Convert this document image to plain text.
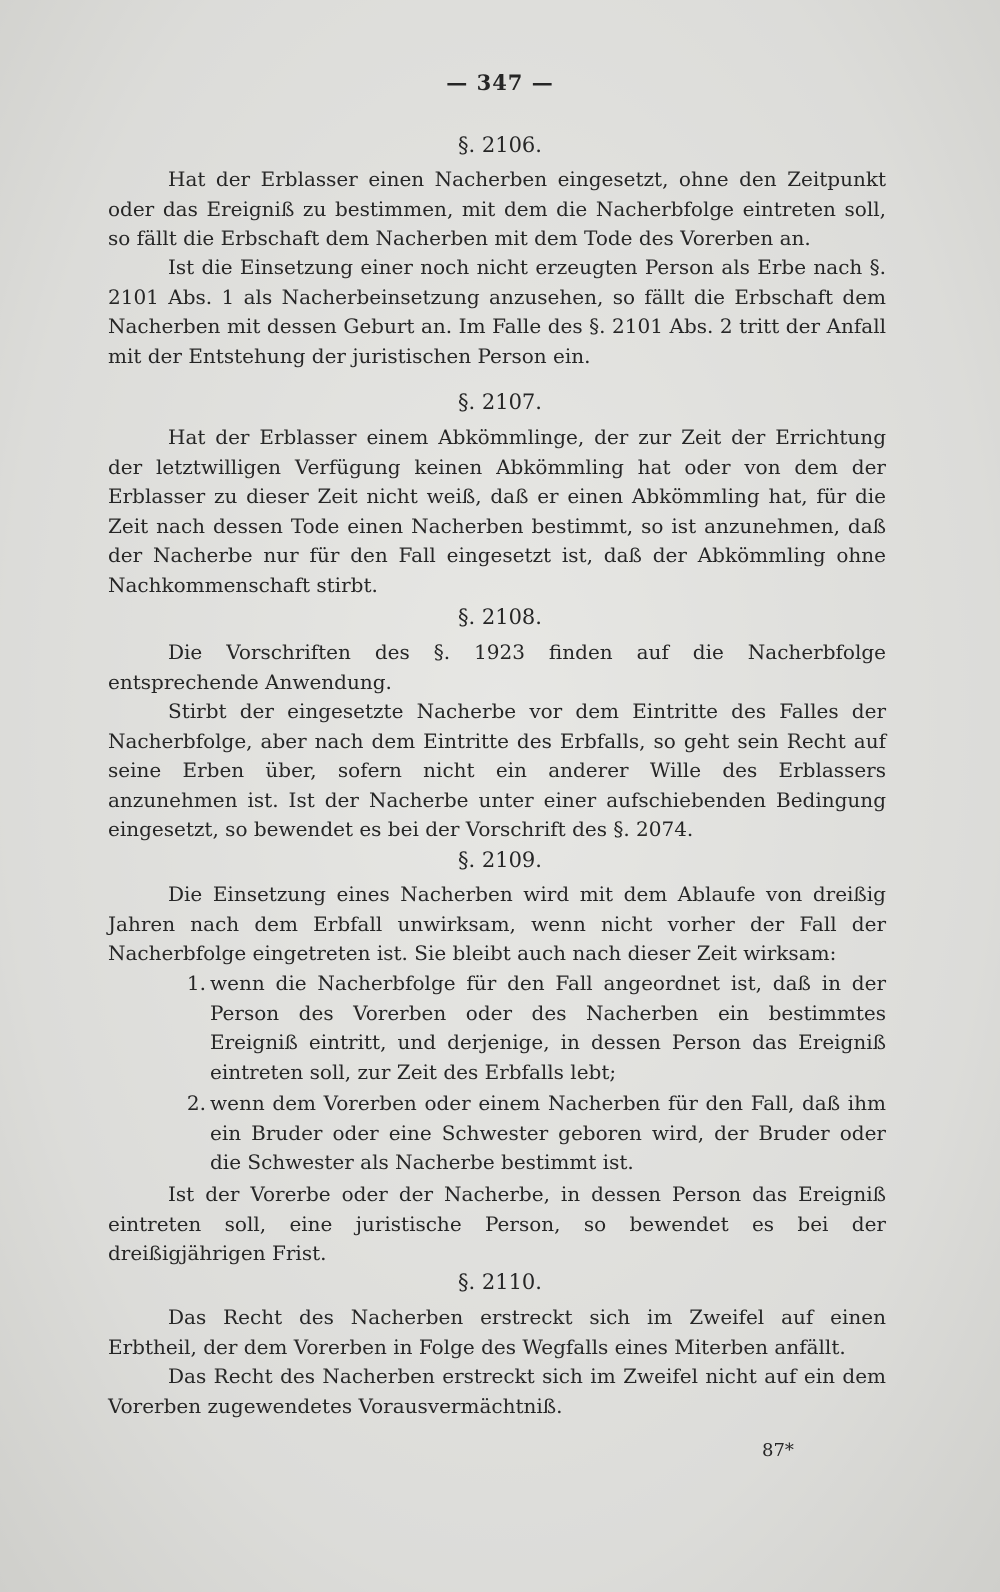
— 347 —
§. 2106.

Hat der Erblasser einen Nacherben eingesetzt, ohne den Zeitpunkt oder das Ereigniß zu bestimmen, mit dem die Nacherbfolge eintreten soll, so fällt die Erbschaft dem Nacherben mit dem Tode des Vorerben an.

Ist die Einsetzung einer noch nicht erzeugten Person als Erbe nach §. 2101 Abs. 1 als Nacherbeinsetzung anzusehen, so fällt die Erbschaft dem Nacherben mit dessen Geburt an. Im Falle des §. 2101 Abs. 2 tritt der Anfall mit der Entstehung der juristischen Person ein.

§. 2107.

Hat der Erblasser einem Abkömmlinge, der zur Zeit der Errichtung der letztwilligen Verfügung keinen Abkömmling hat oder von dem der Erblasser zu dieser Zeit nicht weiß, daß er einen Abkömmling hat, für die Zeit nach dessen Tode einen Nacherben bestimmt, so ist anzunehmen, daß der Nacherbe nur für den Fall eingesetzt ist, daß der Abkömmling ohne Nachkommenschaft stirbt.

§. 2108.

Die Vorschriften des §. 1923 finden auf die Nacherbfolge entsprechende Anwendung.

Stirbt der eingesetzte Nacherbe vor dem Eintritte des Falles der Nacherbfolge, aber nach dem Eintritte des Erbfalls, so geht sein Recht auf seine Erben über, sofern nicht ein anderer Wille des Erblassers anzunehmen ist. Ist der Nacherbe unter einer aufschiebenden Bedingung eingesetzt, so bewendet es bei der Vorschrift des §. 2074.

§. 2109.

Die Einsetzung eines Nacherben wird mit dem Ablaufe von dreißig Jahren nach dem Erbfall unwirksam, wenn nicht vorher der Fall der Nacherbfolge eingetreten ist. Sie bleibt auch nach dieser Zeit wirksam:

1. wenn die Nacherbfolge für den Fall angeordnet ist, daß in der Person des Vorerben oder des Nacherben ein bestimmtes Ereigniß eintritt, und derjenige, in dessen Person das Ereigniß eintreten soll, zur Zeit des Erbfalls lebt;
2. wenn dem Vorerben oder einem Nacherben für den Fall, daß ihm ein Bruder oder eine Schwester geboren wird, der Bruder oder die Schwester als Nacherbe bestimmt ist.

Ist der Vorerbe oder der Nacherbe, in dessen Person das Ereigniß eintreten soll, eine juristische Person, so bewendet es bei der dreißigjährigen Frist.

§. 2110.

Das Recht des Nacherben erstreckt sich im Zweifel auf einen Erbtheil, der dem Vorerben in Folge des Wegfalls eines Miterben anfällt.

Das Recht des Nacherben erstreckt sich im Zweifel nicht auf ein dem Vorerben zugewendetes Vorausvermächtniß.

87*
